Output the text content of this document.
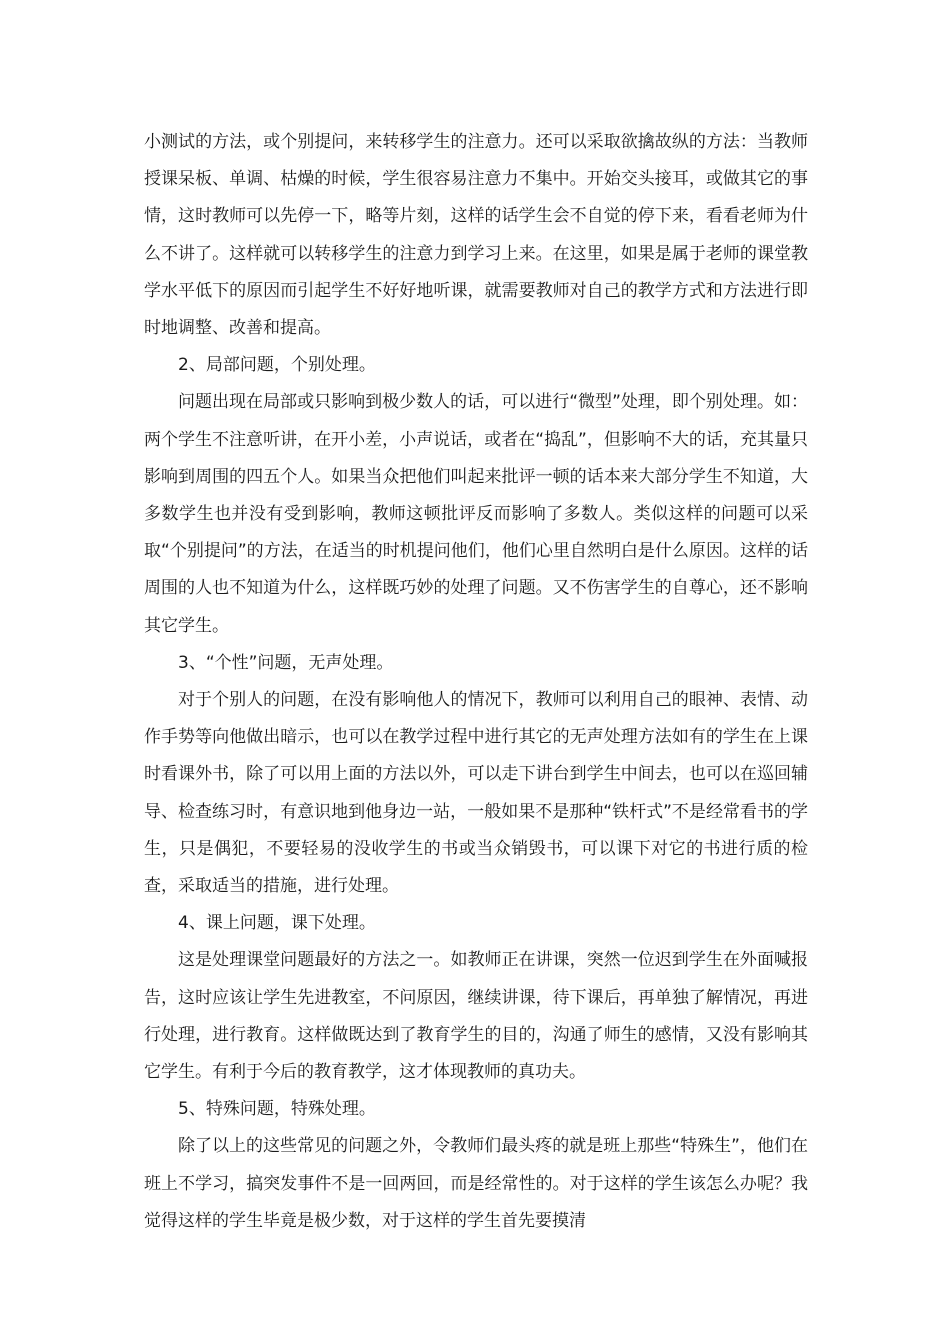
小测试的方法，或个别提问，来转移学生的注意力。还可以采取欲擒故纵的方法：当教师授课呆板、单调、枯燥的时候，学生很容易注意力不集中。开始交头接耳，或做其它的事情，这时教师可以先停一下，略等片刻，这样的话学生会不自觉的停下来，看看老师为什么不讲了。这样就可以转移学生的注意力到学习上来。在这里，如果是属于老师的课堂教学水平低下的原因而引起学生不好好地听课，就需要教师对自己的教学方式和方法进行即时地调整、改善和提高。

2、局部问题，个别处理。

问题出现在局部或只影响到极少数人的话，可以进行“微型”处理，即个别处理。如：两个学生不注意听讲，在开小差，小声说话，或者在“捣乱”，但影响不大的话，充其量只影响到周围的四五个人。如果当众把他们叫起来批评一顿的话本来大部分学生不知道，大多数学生也并没有受到影响，教师这顿批评反而影响了多数人。类似这样的问题可以采取“个别提问”的方法，在适当的时机提问他们，他们心里自然明白是什么原因。这样的话周围的人也不知道为什么，这样既巧妙的处理了问题。又不伤害学生的自尊心，还不影响其它学生。

3、“个性”问题，无声处理。

对于个别人的问题，在没有影响他人的情况下，教师可以利用自己的眼神、表情、动作手势等向他做出暗示，也可以在教学过程中进行其它的无声处理方法如有的学生在上课时看课外书，除了可以用上面的方法以外，可以走下讲台到学生中间去，也可以在巡回辅导、检查练习时，有意识地到他身边一站，一般如果不是那种“铁杆式”不是经常看书的学生，只是偶犯，不要轻易的没收学生的书或当众销毁书，可以课下对它的书进行质的检查，采取适当的措施，进行处理。

4、课上问题，课下处理。

这是处理课堂问题最好的方法之一。如教师正在讲课，突然一位迟到学生在外面喊报告，这时应该让学生先进教室，不问原因，继续讲课，待下课后，再单独了解情况，再进行处理，进行教育。这样做既达到了教育学生的目的，沟通了师生的感情，又没有影响其它学生。有利于今后的教育教学，这才体现教师的真功夫。

5、特殊问题，特殊处理。

除了以上的这些常见的问题之外，令教师们最头疼的就是班上那些“特殊生”，他们在班上不学习，搞突发事件不是一回两回，而是经常性的。对于这样的学生该怎么办呢？我觉得这样的学生毕竟是极少数，对于这样的学生首先要摸清
